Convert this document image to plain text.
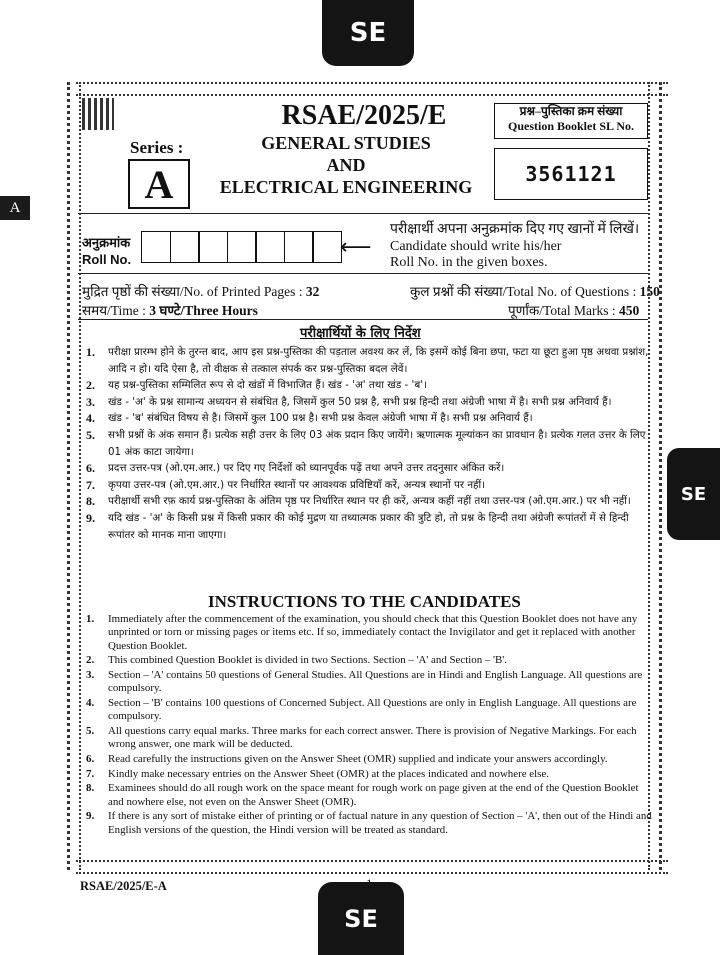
SE
SE
SE
A
RSAE/2025/E
GENERAL STUDIES
AND
ELECTRICAL ENGINEERING
Series :
A
प्रश्न–पुस्तिका क्रम संख्या
Question Booklet SL No.
3561121
अनुक्रमांक
Roll No.	⟵
परीक्षार्थी अपना अनुक्रमांक दिए गए खानों में लिखें।
Candidate should write his/her
Roll No. in the given boxes.
मुद्रित पृष्ठों की संख्या/No. of Printed Pages : 32	कुल प्रश्नों की संख्या/Total No. of Questions : 150
समय/Time : 3 घण्टे/Three Hours	पूर्णांक/Total Marks : 450
परीक्षार्थियों के लिए निर्देश
1.	परीक्षा प्रारम्भ होने के तुरन्त बाद, आप इस प्रश्न-पुस्तिका की पड़ताल अवश्य कर लें, कि इसमें कोई बिना छपा, फटा या छूटा हुआ पृष्ठ अथवा प्रश्नांश, आदि न हो। यदि ऐसा है, तो वीक्षक से तत्काल संपर्क कर प्रश्न-पुस्तिका बदल लेवें।
2.	यह प्रश्न-पुस्तिका सम्मिलित रूप से दो खंडों में विभाजित हैं। खंड - 'अ' तथा खंड - 'ब'।
3.	खंड - 'अ' के प्रश्न सामान्य अध्ययन से संबंधित है, जिसमें कुल 50 प्रश्न है, सभी प्रश्न हिन्दी तथा अंग्रेजी भाषा में है। सभी प्रश्न अनिवार्य हैं।
4.	खंड - 'ब' संबंधित विषय से है। जिसमें कुल 100 प्रश्न है। सभी प्रश्न केवल अंग्रेजी भाषा में है। सभी प्रश्न अनिवार्य हैं।
5.	सभी प्रश्नों के अंक समान हैं। प्रत्येक सही उत्तर के लिए 03 अंक प्रदान किए जायेंगे। ऋणात्मक मूल्यांकन का प्रावधान है। प्रत्येक गलत उत्तर के लिए 01 अंक काटा जायेगा।
6.	प्रदत्त उत्तर-पत्र (ओ.एम.आर.) पर दिए गए निर्देशों को ध्यानपूर्वक पढ़ें तथा अपने उत्तर तदनुसार अंकित करें।
7.	कृपया उत्तर-पत्र (ओ.एम.आर.) पर निर्धारित स्थानों पर आवश्यक प्रविष्टियाँ करें, अन्यत्र स्थानों पर नहीं।
8.	परीक्षार्थी सभी रफ़ कार्य प्रश्न-पुस्तिका के अंतिम पृष्ठ पर निर्धारित स्थान पर ही करें, अन्यत्र कहीं नहीं तथा उत्तर-पत्र (ओ.एम.आर.) पर भी नहीं।
9.	यदि खंड - 'अ' के किसी प्रश्न में किसी प्रकार की कोई मुद्रण या तथ्यात्मक प्रकार की त्रुटि हो, तो प्रश्न के हिन्दी तथा अंग्रेजी रूपांतरों में से हिन्दी रूपांतर को मानक माना जाएगा।
INSTRUCTIONS TO THE CANDIDATES
1.	Immediately after the commencement of the examination, you should check that this Question Booklet does not have any unprinted or torn or missing pages or items etc. If so, immediately contact the Invigilator and get it replaced with another Question Booklet.
2.	This combined Question Booklet is divided in two Sections. Section – 'A' and Section – 'B'.
3.	Section – 'A' contains 50 questions of General Studies. All Questions are in Hindi and English Language. All questions are compulsory.
4.	Section – 'B' contains 100 questions of Concerned Subject. All Questions are only in English Language. All questions are compulsory.
5.	All questions carry equal marks. Three marks for each correct answer. There is provision of Negative Markings. For each wrong answer, one mark will be deducted.
6.	Read carefully the instructions given on the Answer Sheet (OMR) supplied and indicate your answers accordingly.
7.	Kindly make necessary entries on the Answer Sheet (OMR) at the places indicated and nowhere else.
8.	Examinees should do all rough work on the space meant for rough work on page given at the end of the Question Booklet and nowhere else, not even on the Answer Sheet (OMR).
9.	If there is any sort of mistake either of printing or of factual nature in any question of Section – 'A', then out of the Hindi and English versions of the question, the Hindi version will be treated as standard.
RSAE/2025/E-A	1
